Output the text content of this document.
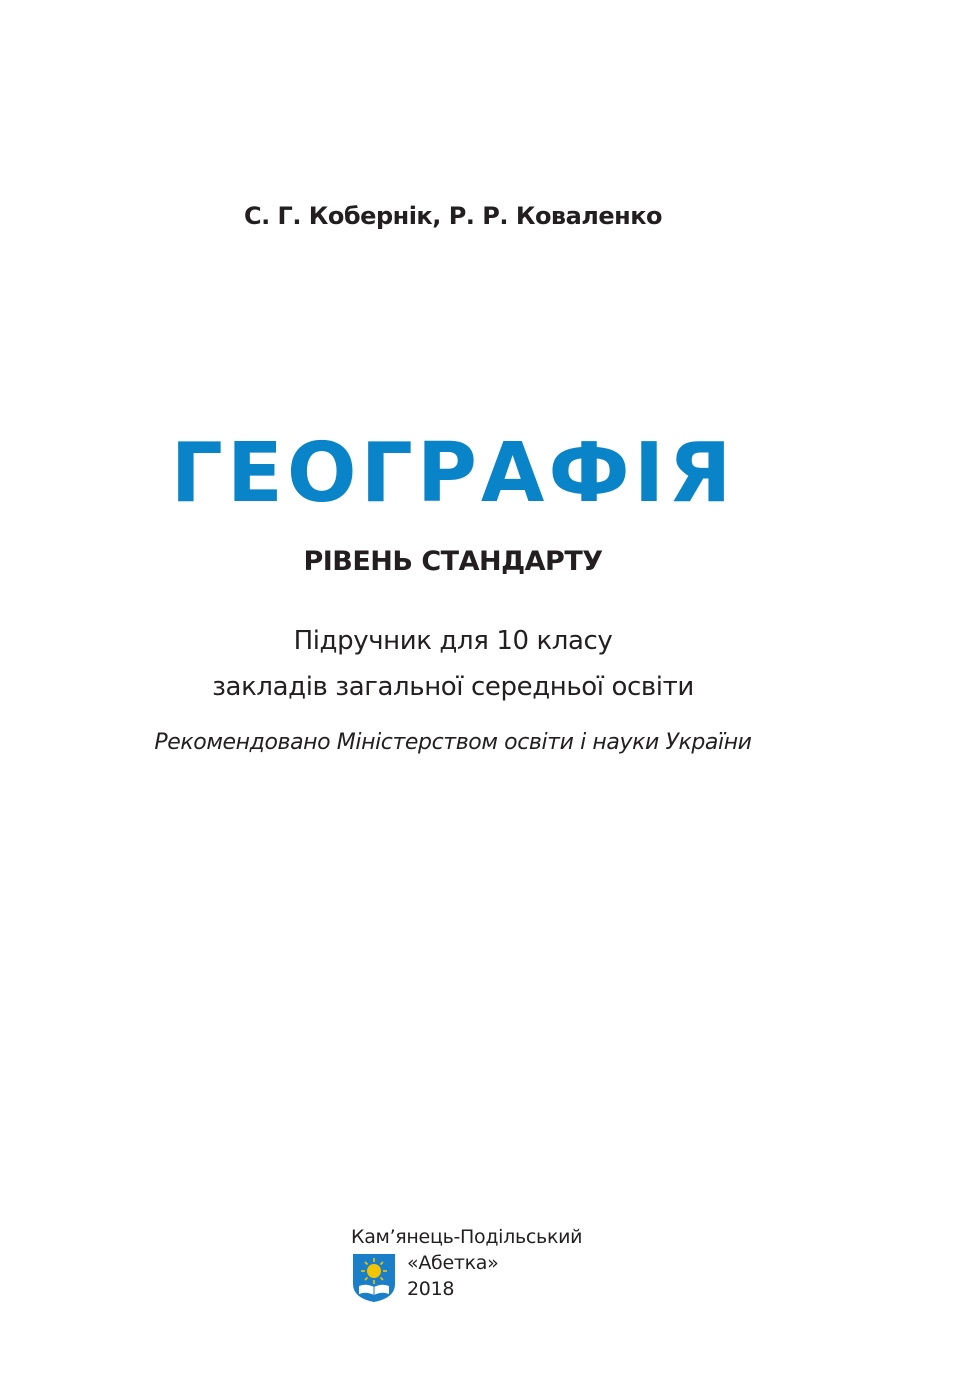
С. Г. Кобернік, Р. Р. Коваленко

ГЕОГРАФІЯ

РІВЕНЬ СТАНДАРТУ

Підручник для 10 класу
закладів загальної середньої освіти

Рекомендовано Міністерством освіти і науки України

Кам’янець-Подільський
«Абетка»
2018
